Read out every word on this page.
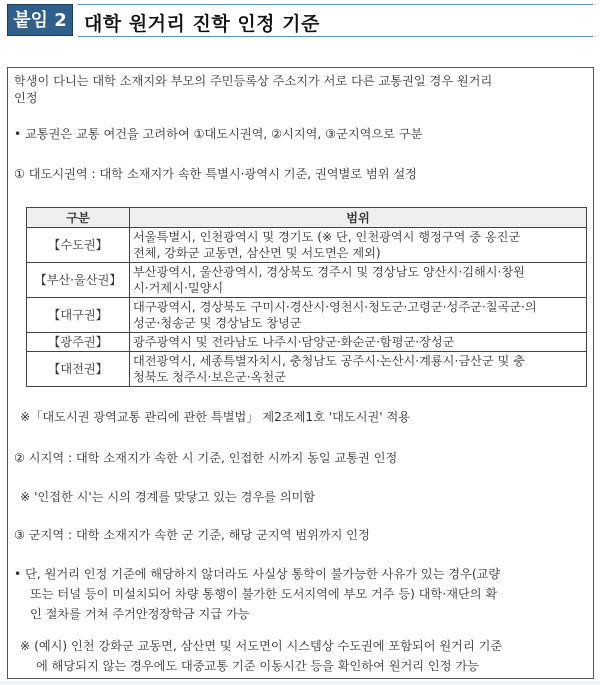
붙임 2 대학 원거리 진학 인정 기준
학생이 다니는 대학 소재지와 부모의 주민등록상 주소지가 서로 다른 교통권일 경우 원거리
인정
• 교통권은 교통 여건을 고려하여 ①대도시권역, ②시지역, ③군지역으로 구분
① 대도시권역 : 대학 소재지가 속한 특별시·광역시 기준, 권역별로 범위 설정
구분	범위
【수도권】	서울특별시, 인천광역시 및 경기도 (※ 단, 인천광역시 행정구역 중 옹진군
전체, 강화군 교동면, 삼산면 및 서도면은 제외)

【부산·울산권】	부산광역시, 울산광역시, 경상북도 경주시 및 경상남도 양산시·김해시·창원
시·거제시·밀양시

【대구권】	대구광역시, 경상북도 구미시·경산시·영천시·청도군·고령군·성주군·칠곡군·의
성군·청송군 및 경상남도 창녕군

【광주권】	광주광역시 및 전라남도 나주시·담양군·화순군·함평군·장성군

【대전권】	대전광역시, 세종특별자치시, 충청남도 공주시·논산시·계룡시·금산군 및 충
청북도 청주시·보은군·옥천군
※「대도시권 광역교통 관리에 관한 특별법」 제2조제1호 '대도시권' 적용
② 시지역 : 대학 소재지가 속한 시 기준, 인접한 시까지 동일 교통권 인정
※ '인접한 시'는 시의 경계를 맞닿고 있는 경우를 의미함
③ 군지역 : 대학 소재지가 속한 군 기준, 해당 군지역 범위까지 인정
• 단, 원거리 인정 기준에 해당하지 않더라도 사실상 통학이 불가능한 사유가 있는 경우(교량
또는 터널 등이 미설치되어 차량 통행이 불가한 도서지역에 부모 거주 등) 대학·재단의 확
인 절차를 거쳐 주거안정장학금 지급 가능
※ (예시) 인천 강화군 교동면, 삼산면 및 서도면이 시스템상 수도권에 포함되어 원거리 기준
에 해당되지 않는 경우에도 대중교통 기준 이동시간 등을 확인하여 원거리 인정 가능
